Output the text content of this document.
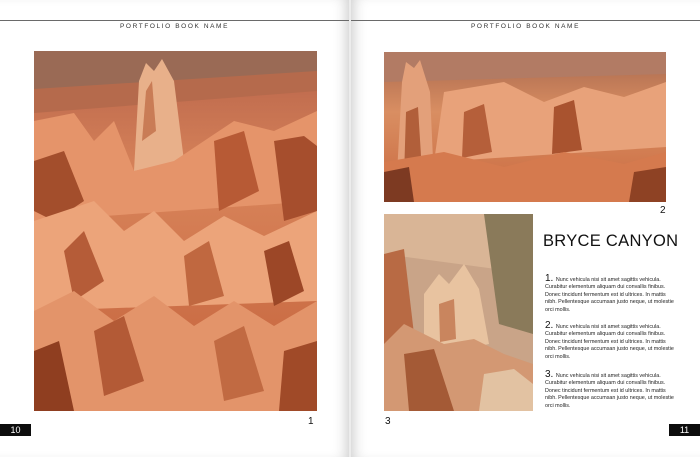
PORTFOLIO BOOK NAME
1
10
PORTFOLIO BOOK NAME
2
3
BRYCE CANYON
1. Nunc vehicula nisi sit amet sagittis vehicula. Curabitur elementum aliquam dui convallis finibus. Donec tincidunt fermentum est id ultrices. In mattis nibh. Pellentesque accumsan justo neque, ut molestie orci mollis.
2. Nunc vehicula nisi sit amet sagittis vehicula. Curabitur elementum aliquam dui convallis finibus. Donec tincidunt fermentum est id ultrices. In mattis nibh. Pellentesque accumsan justo neque, ut molestie orci mollis.
3. Nunc vehicula nisi sit amet sagittis vehicula. Curabitur elementum aliquam dui convallis finibus. Donec tincidunt fermentum est id ultrices. In mattis nibh. Pellentesque accumsan justo neque, ut molestie orci mollis.
11
